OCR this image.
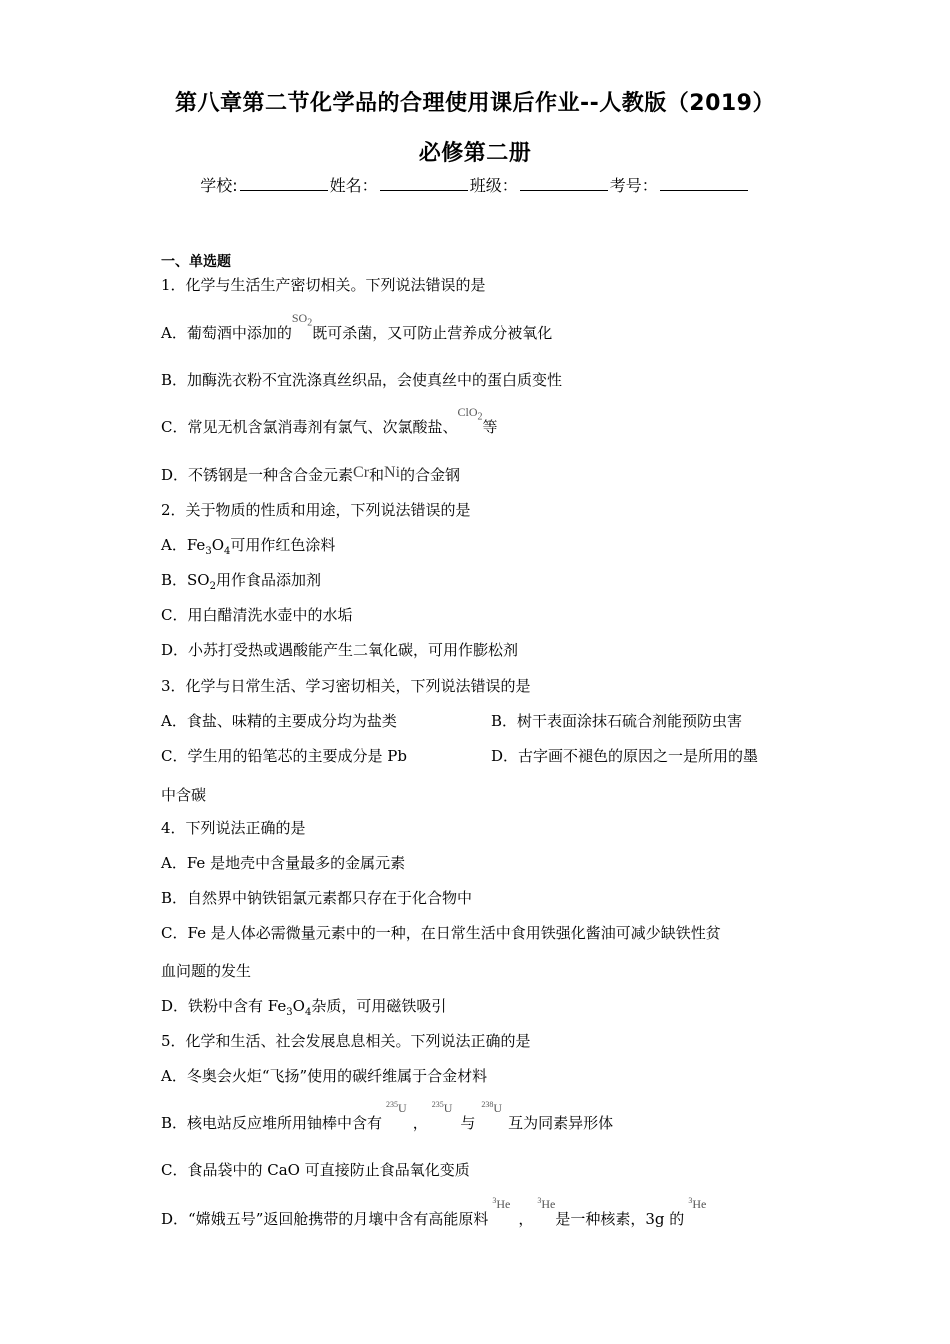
第八章第二节化学品的合理使用课后作业--人教版（2019）
必修第二册
学校:	姓名：	班级：	考号：
一、单选题
1．化学与生活生产密切相关。下列说法错误的是
A．葡萄酒中添加的$^{SO_2}$既可杀菌，又可防止营养成分被氧化
B．加酶洗衣粉不宜洗涤真丝织品，会使真丝中的蛋白质变性
C．常见无机含氯消毒剂有氯气、次氯酸盐、$^{ClO_2}$等
D．不锈钢是一种含合金元素Cr和Ni的合金钢
2．关于物质的性质和用途，下列说法错误的是
A．$Fe_3O_4$可用作红色涂料
B．$SO_2$用作食品添加剂
C．用白醋清洗水壶中的水垢
D．小苏打受热或遇酸能产生二氧化碳，可用作膨松剂
3．化学与日常生活、学习密切相关，下列说法错误的是
A．食盐、味精的主要成分均为盐类	B．树干表面涂抹石硫合剂能预防虫害
C．学生用的铅笔芯的主要成分是 Pb	D．古字画不褪色的原因之一是所用的墨
中含碳
4．下列说法正确的是
A．Fe 是地壳中含量最多的金属元素
B．自然界中钠铁铝氯元素都只存在于化合物中
C．Fe 是人体必需微量元素中的一种，在日常生活中食用铁强化酱油可减少缺铁性贫
血问题的发生
D．铁粉中含有 $Fe_3O_4$杂质，可用磁铁吸引
5．化学和生活、社会发展息息相关。下列说法正确的是
A．冬奥会火炬“飞扬”使用的碳纤维属于合金材料
B．核电站反应堆所用铀棒中含有$^{^{235}U}$，$^{^{235}U}$与$^{^{238}U}$互为同素异形体
C．食品袋中的 CaO 可直接防止食品氧化变质
D．“嫦娥五号”返回舱携带的月壤中含有高能原料$^{^3He}$，$^{^3He}$是一种核素，3g 的$^{^3He}$
